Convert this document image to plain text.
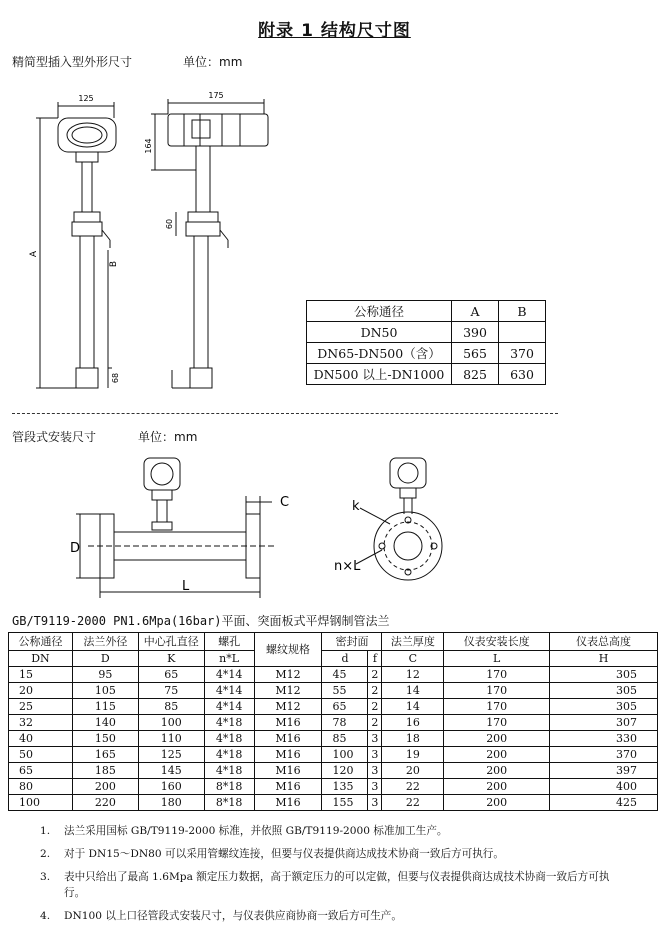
附录 1 结构尺寸图
精简型插入型外形尺寸	单位：mm
125	175
164
60
A
B
68
公称通径	A	B
DN50	390	
DN65-DN500（含）	565	370
DN500 以上-DN1000	825	630
管段式安装尺寸	单位：mm
C
D
L
k
n×L
GB/T9119-2000 PN1.6Mpa(16bar)平面、突面板式平焊钢制管法兰
公称通径	法兰外径	中心孔直径	螺孔	螺纹规格	密封面		法兰厚度	仪表安装长度	仪表总高度
DN	D	K	n*L		d	f	C	L	H
15	95	65	4*14	M12	45	2	12	170	305
20	105	75	4*14	M12	55	2	14	170	305
25	115	85	4*14	M12	65	2	14	170	305
32	140	100	4*18	M16	78	2	16	170	307
40	150	110	4*18	M16	85	3	18	200	330
50	165	125	4*18	M16	100	3	19	200	370
65	185	145	4*18	M16	120	3	20	200	397
80	200	160	8*18	M16	135	3	22	200	400
100	220	180	8*18	M16	155	3	22	200	425
1.	法兰采用国标 GB/T9119-2000 标准，并依照 GB/T9119-2000 标准加工生产。
2.	对于 DN15～DN80 可以采用管螺纹连接，但要与仪表提供商达成技术协商一致后方可执行。
3.	表中只给出了最高 1.6Mpa 额定压力数据，高于额定压力的可以定做，但要与仪表提供商达成技术协商一致后方可执行。
4.	DN100 以上口径管段式安装尺寸，与仪表供应商协商一致后方可生产。
